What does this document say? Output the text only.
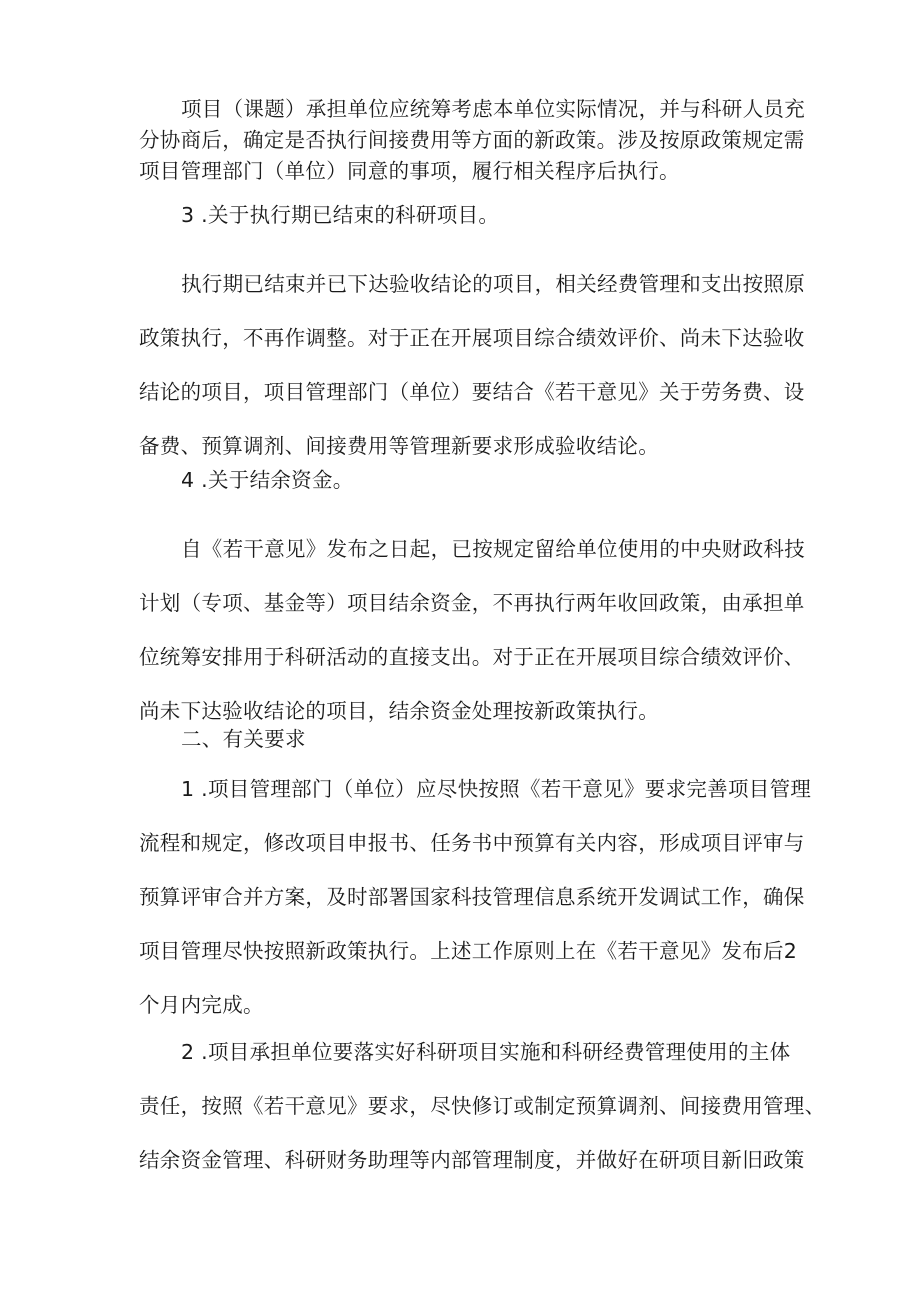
项目（课题）承担单位应统筹考虑本单位实际情况，并与科研人员充
分协商后，确定是否执行间接费用等方面的新政策。涉及按原政策规定需
项目管理部门（单位）同意的事项，履行相关程序后执行。
3 .关于执行期已结束的科研项目。
执行期已结束并已下达验收结论的项目，相关经费管理和支出按照原
政策执行，不再作调整。对于正在开展项目综合绩效评价、尚未下达验收
结论的项目，项目管理部门（单位）要结合《若干意见》关于劳务费、设
备费、预算调剂、间接费用等管理新要求形成验收结论。
4 .关于结余资金。
自《若干意见》发布之日起，已按规定留给单位使用的中央财政科技
计划（专项、基金等）项目结余资金，不再执行两年收回政策，由承担单
位统筹安排用于科研活动的直接支出。对于正在开展项目综合绩效评价、
尚未下达验收结论的项目，结余资金处理按新政策执行。
二、有关要求
1 .项目管理部门（单位）应尽快按照《若干意见》要求完善项目管理
流程和规定，修改项目申报书、任务书中预算有关内容，形成项目评审与
预算评审合并方案，及时部署国家科技管理信息系统开发调试工作，确保
项目管理尽快按照新政策执行。上述工作原则上在《若干意见》发布后2
个月内完成。
2 .项目承担单位要落实好科研项目实施和科研经费管理使用的主体
责任，按照《若干意见》要求，尽快修订或制定预算调剂、间接费用管理、
结余资金管理、科研财务助理等内部管理制度，并做好在研项目新旧政策
